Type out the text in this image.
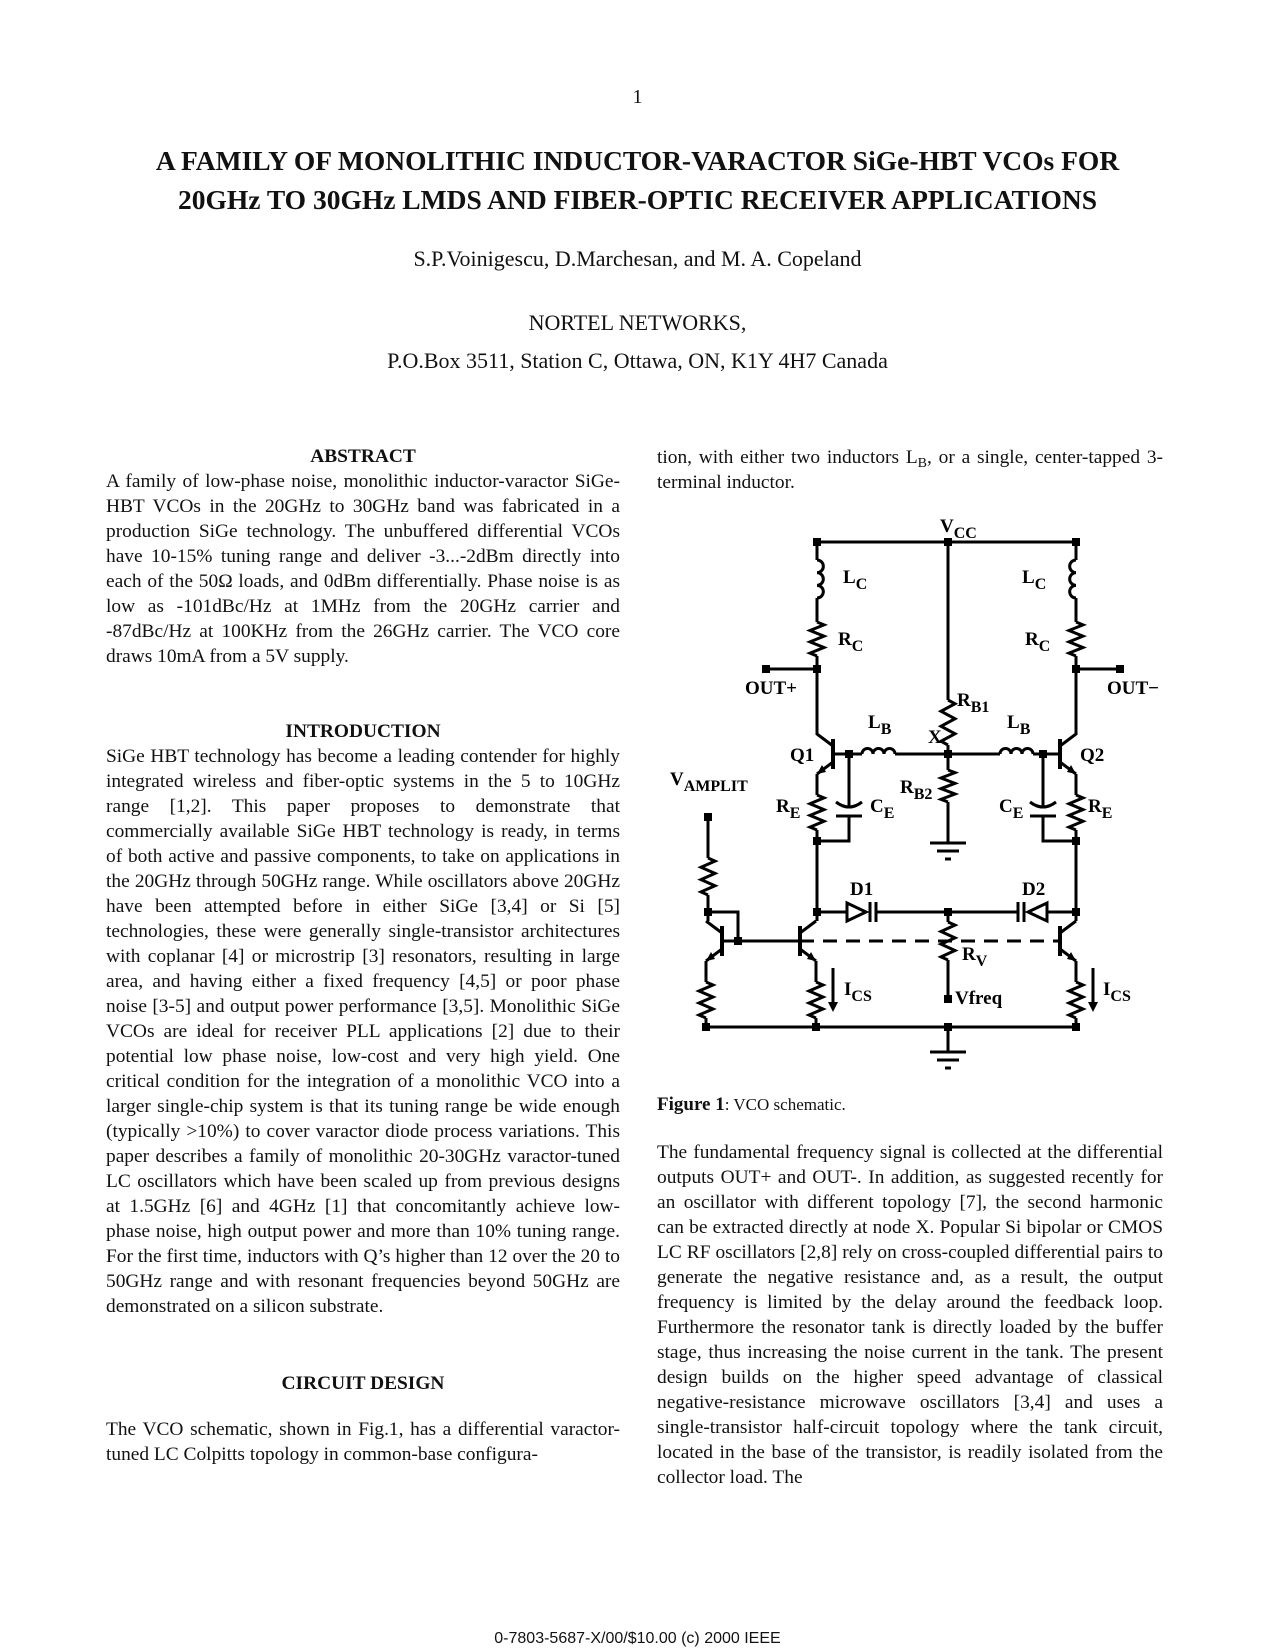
1
A FAMILY OF MONOLITHIC INDUCTOR-VARACTOR SiGe-HBT VCOs FOR
20GHz TO 30GHz LMDS AND FIBER-OPTIC RECEIVER APPLICATIONS
S.P.Voinigescu, D.Marchesan, and M. A. Copeland
NORTEL NETWORKS,
P.O.Box 3511, Station C, Ottawa, ON, K1Y 4H7 Canada
ABSTRACT

A family of low-phase noise, monolithic inductor-varactor SiGe-HBT VCOs in the 20GHz to 30GHz band was fabricated in a production SiGe technology. The unbuffered differential VCOs have 10-15% tuning range and deliver -3...-2dBm directly into each of the 50Ω loads, and 0dBm differentially. Phase noise is as low as -101dBc/Hz at 1MHz from the 20GHz carrier and -87dBc/Hz at 100KHz from the 26GHz carrier. The VCO core draws 10mA from a 5V supply.

INTRODUCTION

SiGe HBT technology has become a leading contender for highly integrated wireless and fiber-optic systems in the 5 to 10GHz range [1,2]. This paper proposes to demonstrate that commercially available SiGe HBT technology is ready, in terms of both active and passive components, to take on applications in the 20GHz through 50GHz range. While oscillators above 20GHz have been attempted before in either SiGe [3,4] or Si [5] technologies, these were generally single-transistor architectures with coplanar [4] or microstrip [3] resonators, resulting in large area, and having either a fixed frequency [4,5] or poor phase noise [3-5] and output power performance [3,5]. Monolithic SiGe VCOs are ideal for receiver PLL applications [2] due to their potential low phase noise, low-cost and very high yield. One critical condition for the integration of a monolithic VCO into a larger single-chip system is that its tuning range be wide enough (typically >10%) to cover varactor diode process variations. This paper describes a family of monolithic 20-30GHz varactor-tuned LC oscillators which have been scaled up from previous designs at 1.5GHz [6] and 4GHz [1] that concomitantly achieve low-phase noise, high output power and more than 10% tuning range. For the first time, inductors with Q’s higher than 12 over the 20 to 50GHz range and with resonant frequencies beyond 50GHz are demonstrated on a silicon substrate.

CIRCUIT DESIGN

The VCO schematic, shown in Fig.1, has a differential varactor-tuned LC Colpitts topology in common-base configura-

tion, with either two inductors $L_B$, or a single, center-tapped 3-terminal inductor.

$V_{CC}$
$L_C$	$L_C$
$R_C$	$R_C$
OUT+	OUT−
$R_{B1}$
$L_B$	$L_B$
X
Q1	Q2
$V_{AMPLIT}$	$R_{B2}$
$R_E$	$R_E$
$C_E$	$C_E$
D1	D2
$R_V$
$I_{CS}$	$I_{CS}$
Vfreq
Figure 1: VCO schematic.

The fundamental frequency signal is collected at the differential outputs OUT+ and OUT-. In addition, as suggested recently for an oscillator with different topology [7], the second harmonic can be extracted directly at node X. Popular Si bipolar or CMOS LC RF oscillators [2,8] rely on cross-coupled differential pairs to generate the negative resistance and, as a result, the output frequency is limited by the delay around the feedback loop. Furthermore the resonator tank is directly loaded by the buffer stage, thus increasing the noise current in the tank. The present design builds on the higher speed advantage of classical negative-resistance microwave oscillators [3,4] and uses a single-transistor half-circuit topology where the tank circuit, located in the base of the transistor, is readily isolated from the collector load. The

0-7803-5687-X/00/$10.00 (c) 2000 IEEE
